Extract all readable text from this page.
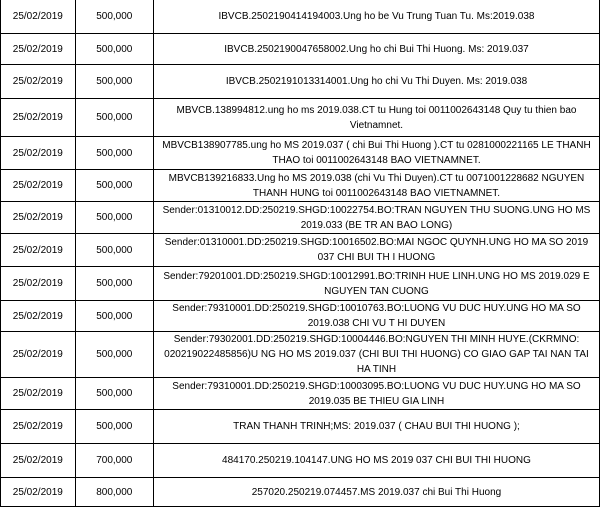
25/02/2019	500,000	IBVCB.2502190414194003.Ung ho be Vu Trung Tuan Tu. Ms:2019.038
25/02/2019	500,000	IBVCB.2502190047658002.Ung ho chi Bui Thi Huong. Ms: 2019.037
25/02/2019	500,000	IBVCB.2502191013314001.Ung ho chi Vu Thi Duyen. Ms: 2019.038
25/02/2019	500,000	MBVCB.138994812.ung ho ms 2019.038.CT tu Hung toi 0011002643148 Quy tu thien bao Vietnamnet.
25/02/2019	500,000	MBVCB138907785.ung ho MS 2019.037 ( chi Bui Thi Huong ).CT tu 0281000221165 LE THANH THAO toi 0011002643148 BAO VIETNAMNET.
25/02/2019	500,000	MBVCB139216833.Ung ho MS 2019.038 (chi Vu Thi Duyen).CT tu 0071001228682 NGUYEN THANH HUNG toi 0011002643148 BAO VIETNAMNET.
25/02/2019	500,000	Sender:01310012.DD:250219.SHGD:10022754.BO:TRAN NGUYEN THU SUONG.UNG HO MS 2019.033 (BE TR AN BAO LONG)
25/02/2019	500,000	Sender:01310001.DD:250219.SHGD:10016502.BO:MAI NGOC QUYNH.UNG HO MA SO 2019 037 CHI BUI TH I HUONG
25/02/2019	500,000	Sender:79201001.DD:250219.SHGD:10012991.BO:TRINH HUE LINH.UNG HO MS 2019.029 E NGUYEN TAN CUONG
25/02/2019	500,000	Sender:79310001.DD:250219.SHGD:10010763.BO:LUONG VU DUC HUY.UNG HO MA SO 2019.038 CHI VU T HI DUYEN
25/02/2019	500,000	Sender:79302001.DD:250219.SHGD:10004446.BO:NGUYEN THI MINH HUYE.(CKRMNO: 020219022485856)U NG HO MS 2019.037 (CHI BUI THI HUONG) CO GIAO GAP TAI NAN TAI HA TINH
25/02/2019	500,000	Sender:79310001.DD:250219.SHGD:10003095.BO:LUONG VU DUC HUY.UNG HO MA SO 2019.035 BE THIEU GIA LINH
25/02/2019	500,000	TRAN THANH TRINH;MS: 2019.037 ( CHAU BUI THI HUONG );
25/02/2019	700,000	484170.250219.104147.UNG HO MS 2019 037 CHI BUI THI HUONG
25/02/2019	800,000	257020.250219.074457.MS 2019.037 chi Bui Thi Huong
